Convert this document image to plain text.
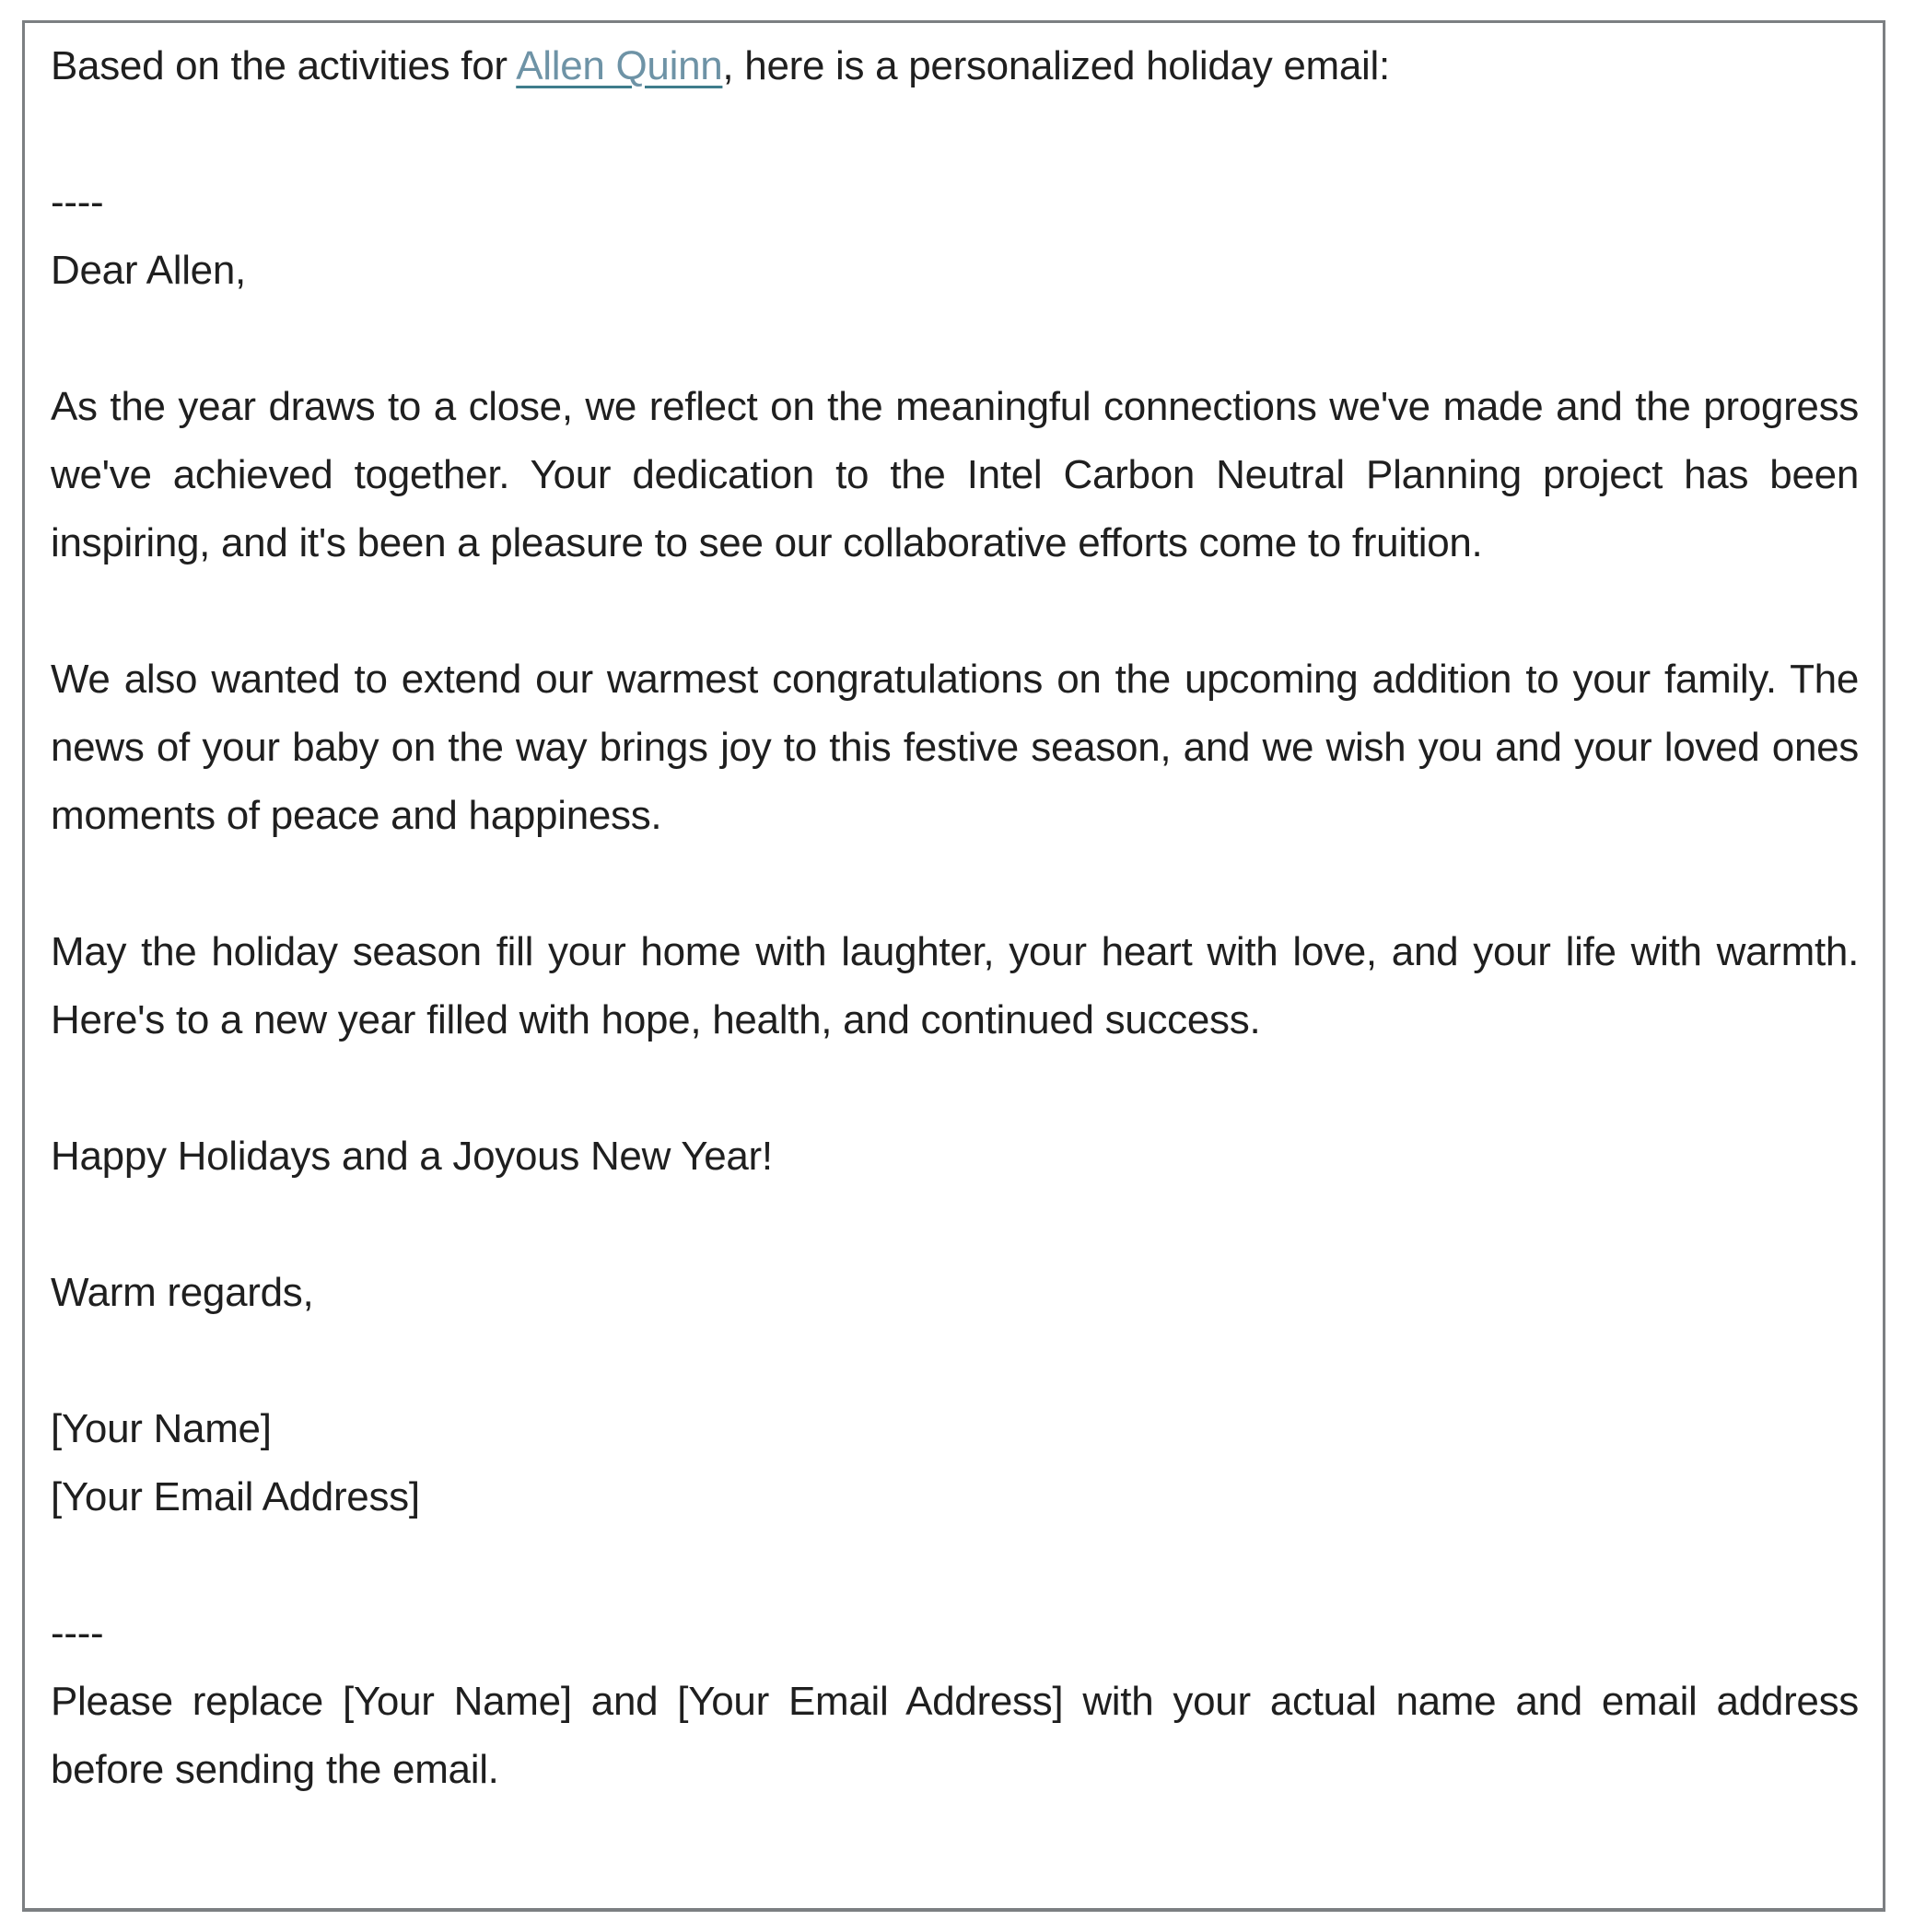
Based on the activities for Allen Quinn, here is a personalized holiday email:

----

Dear Allen,

As the year draws to a close, we reflect on the meaningful connections we've made and the progress we've achieved together. Your dedication to the Intel Carbon Neutral Planning project has been inspiring, and it's been a pleasure to see our collaborative efforts come to fruition.

We also wanted to extend our warmest congratulations on the upcoming addition to your family. The news of your baby on the way brings joy to this festive season, and we wish you and your loved ones moments of peace and happiness.

May the holiday season fill your home with laughter, your heart with love, and your life with warmth. Here's to a new year filled with hope, health, and continued success.

Happy Holidays and a Joyous New Year!

Warm regards,

[Your Name]

[Your Email Address]

----

Please replace [Your Name] and [Your Email Address] with your actual name and email address before sending the email.
